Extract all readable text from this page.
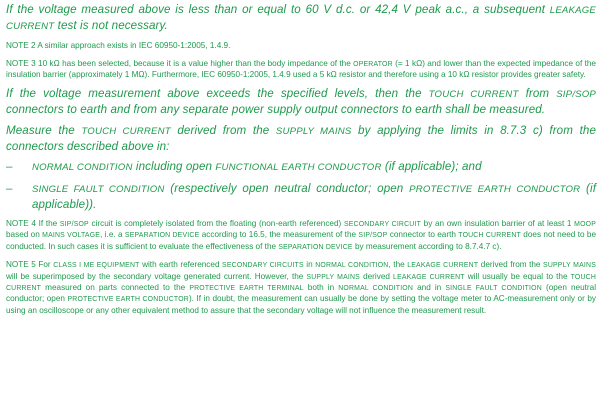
If the voltage measured above is less than or equal to 60 V d.c. or 42,4 V peak a.c., a subsequent LEAKAGE CURRENT test is not necessary.

NOTE 2 A similar approach exists in IEC 60950-1:2005, 1.4.9.

NOTE 3 10 kΩ has been selected, because it is a value higher than the body impedance of the OPERATOR (= 1 kΩ) and lower than the expected impedance of the insulation barrier (approximately 1 MΩ). Furthermore, IEC 60950-1:2005, 1.4.9 used a 5 kΩ resistor and therefore using a 10 kΩ resistor provides greater safety.

If the voltage measurement above exceeds the specified levels, then the TOUCH CURRENT from SIP/SOP connectors to earth and from any separate power supply output connectors to earth shall be measured.

Measure the TOUCH CURRENT derived from the SUPPLY MAINS by applying the limits in 8.7.3 c) from the connectors described above in:

–	NORMAL CONDITION including open FUNCTIONAL EARTH CONDUCTOR (if applicable); and
–	SINGLE FAULT CONDITION (respectively open neutral conductor; open PROTECTIVE EARTH CONDUCTOR (if applicable)).

NOTE 4 If the SIP/SOP circuit is completely isolated from the floating (non-earth referenced) SECONDARY CIRCUIT by an own insulation barrier of at least 1 MOOP based on MAINS VOLTAGE, i.e. a SEPARATION DEVICE according to 16.5, the measurement of the SIP/SOP connector to earth TOUCH CURRENT does not need to be conducted. In such cases it is sufficient to evaluate the effectiveness of the SEPARATION DEVICE by measurement according to 8.7.4.7 c).

NOTE 5 For CLASS I ME EQUIPMENT with earth referenced SECONDARY CIRCUITS in NORMAL CONDITION, the LEAKAGE CURRENT derived from the SUPPLY MAINS will be superimposed by the secondary voltage generated current. However, the SUPPLY MAINS derived LEAKAGE CURRENT will usually be equal to the TOUCH CURRENT measured on parts connected to the PROTECTIVE EARTH TERMINAL both in NORMAL CONDITION and in SINGLE FAULT CONDITION (open neutral conductor; open PROTECTIVE EARTH CONDUCTOR). If in doubt, the measurement can usually be done by setting the voltage meter to AC-measurement only or by using an oscilloscope or any other equivalent method to assure that the secondary voltage will not influence the measurement result.
